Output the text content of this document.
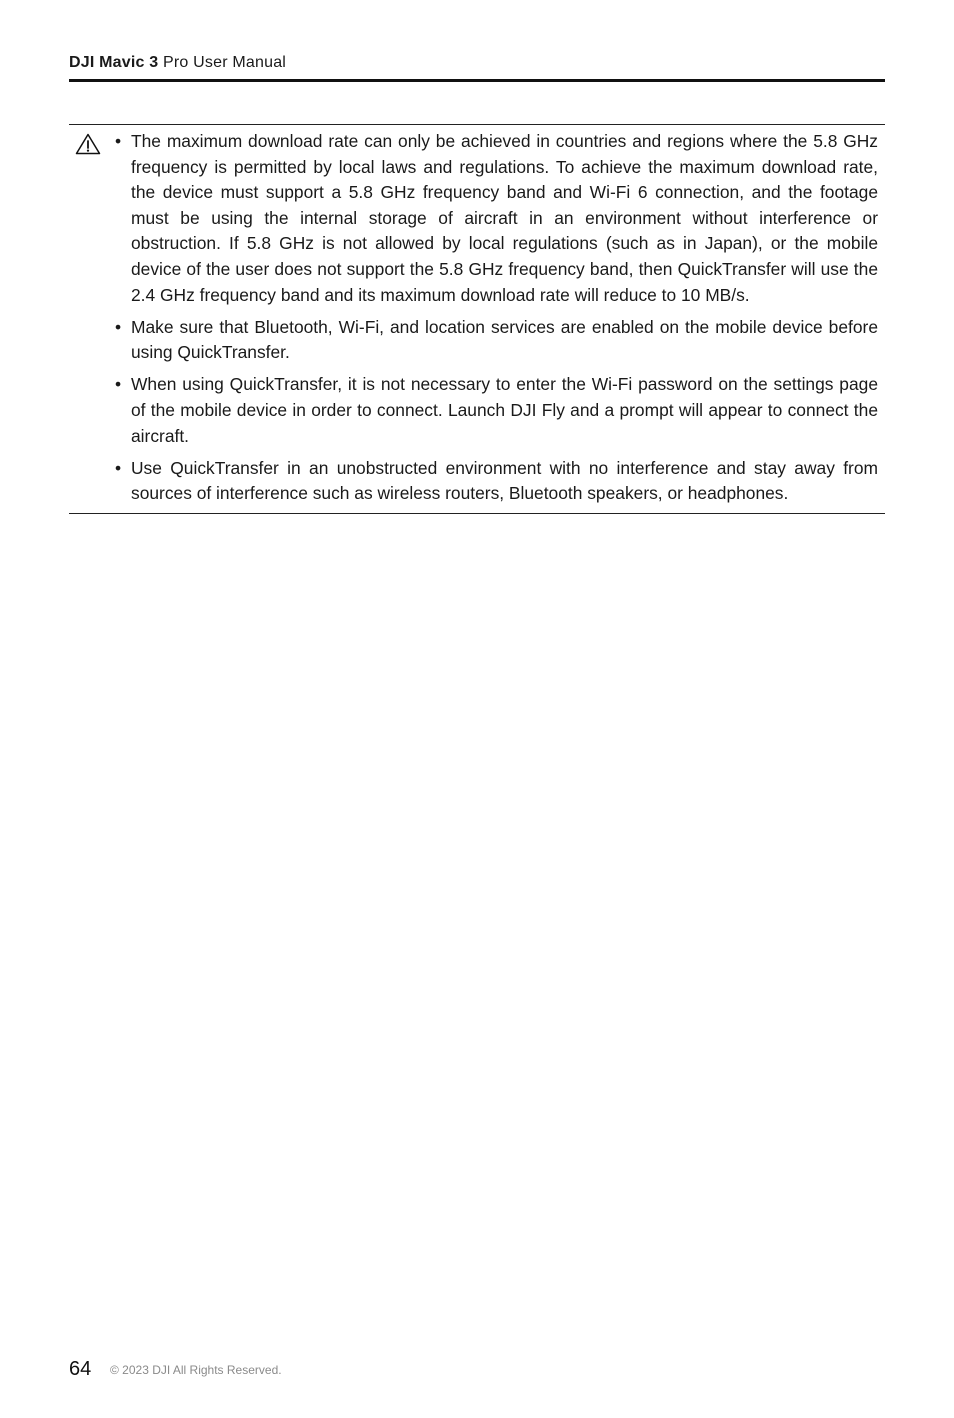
DJI Mavic 3 Pro User Manual
• The maximum download rate can only be achieved in countries and regions where the 5.8 GHz frequency is permitted by local laws and regulations. To achieve the maximum download rate, the device must support a 5.8 GHz frequency band and Wi-Fi 6 connection, and the footage must be using the internal storage of aircraft in an environment without interference or obstruction. If 5.8 GHz is not allowed by local regulations (such as in Japan), or the mobile device of the user does not support the 5.8 GHz frequency band, then QuickTransfer will use the 2.4 GHz frequency band and its maximum download rate will reduce to 10 MB/s.
• Make sure that Bluetooth, Wi-Fi, and location services are enabled on the mobile device before using QuickTransfer.
• When using QuickTransfer, it is not necessary to enter the Wi-Fi password on the settings page of the mobile device in order to connect. Launch DJI Fly and a prompt will appear to connect the aircraft.
• Use QuickTransfer in an unobstructed environment with no interference and stay away from sources of interference such as wireless routers, Bluetooth speakers, or headphones.
64 © 2023 DJI All Rights Reserved.
